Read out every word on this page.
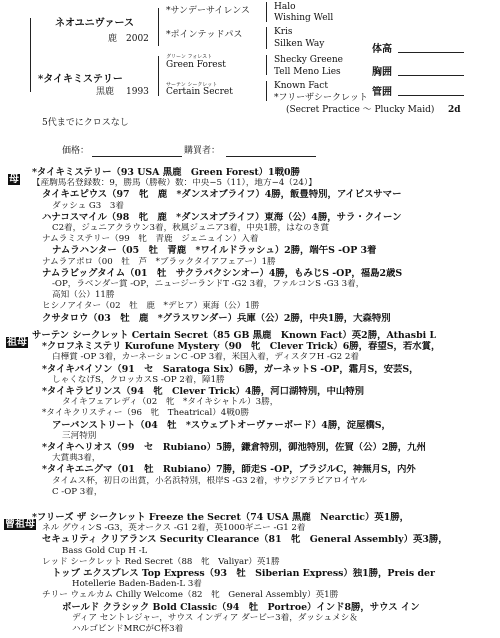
ネオユニヴァース
鹿 2002
*サンデーサイレンス
*ポインテッドパス
Halo
Wishing Well
Kris
Silken Way
*タイキミステリー
黒鹿 1993
グリーン フォレスト
Green Forest
サーテン シークレット
Certain Secret
Shecky Greene
Tell Meno Lies
Known Fact
*フリーザシークレット
(Secret Practice ～ Plucky Maid) 2d
5代までにクロスなし
体高
胸囲
管囲
価格：	購買者：
母
*タイキミステリー（93 USA 黒鹿　Green Forest）1戦0勝
【産駒馬名登録数：9，勝馬（勝鞍）数：中央−5（11），地方−4（24）】
タイキエピウス（97　牝　鹿　*ダンスオブライフ）4勝，飯豊特別，アイビスサマー
ダッシュ G3　3着
ハナコスマイル（98　牝　鹿　*ダンスオブライフ）東海（公）4勝，サラ・クイーン
C2着，ジュニアクラウン3着，秋風ジュニア3着，中央1勝，はなのき賞
ナムラミステリー（99　牝　青鹿　ジェニュイン）入着
ナムラハンター（05　牡　青鹿　*ワイルドラッシュ）2勝，端午S -OP 3着
ナムラアポロ（00　牡　芦　*ブラックタイアフェアー）1勝
ナムラビッグタイム（01　牡　サクラバクシンオー）4勝，もみじS -OP，福島2歳S
-OP，ラベンダー賞 -OP，ニュージーランドT -G2 3着，ファルコンS -G3 3着，
高知（公）11勝
ヒシノアイター（02　牡　鹿　*デヒア）東海（公）1勝
クサタロウ（03　牡　鹿　*グラスワンダー）兵庫（公）2勝，中央1勝，大森特別
祖母
サーテン シークレット Certain Secret（85 GB 黒鹿　Known Fact）英2勝，Athasbi L
*クロフネミステリ Kurofune Mystery（90　牝　Clever Trick）6勝，春望S，若水賞，
白樺賞 -OP 3着，カーネーションC -OP 3着，米国入着，ディスタフH -G2 2着
*タイキバイソン（91　セ　Saratoga Six）6勝，ガーネットS -OP，霜月S，安芸S，
しゃくなげS，クロッカスS -OP 2着，障1勝
*タイキラビリンス（94　牝　Clever Trick）4勝，河口湖特別，中山特別
タイキフェアレディ（02　牝　*タイキシャトル）3勝，
*タイキクリスティー（96　牝　Theatrical）4戦0勝
アーバンストリート（04　牡　*スウェプトオーヴァーボード）4勝，淀屋橋S，
三河特別
*タイキヘリオス（99　セ　Rubiano）5勝，鎌倉特別，御池特別，佐賀（公）2勝，九州
大賞典3着，
*タイキエニグマ（01　牡　Rubiano）7勝，師走S -OP，ブラジルC，神無月S，内外
タイムス杯，初日の出賞，小名浜特別，根岸S -G3 2着，サウジアラビアロイヤル
C -OP 3着，
曾祖母
*フリーズ ザ シークレット Freeze the Secret（74 USA 黒鹿　Nearctic）英1勝，
ネル グウィンS -G3，英オークス -G1 2着，英1000ギニー -G1 2着
セキュリティ クリアランス Security Clearance（81　牝　General Assembly）英3勝，
Bass Gold Cup H -L
レッド シークレット Red Secret（88　牝　Valiyar）英1勝
トップ エクスプレス Top Express（93　牡　Siberian Express）独1勝，Preis der
Hotellerie Baden-Baden-L 3着
チリー ウェルカム Chilly Welcome（82　牝　General Assembly）英1勝
ボールド クラシック Bold Classic（94　牡　Portroe）インド8勝，サウス イン
ディア セントレジャー，サウス インディア ダービー3着，ダッシュメシ＆
ハルゴビンドMRCがC杯3着
